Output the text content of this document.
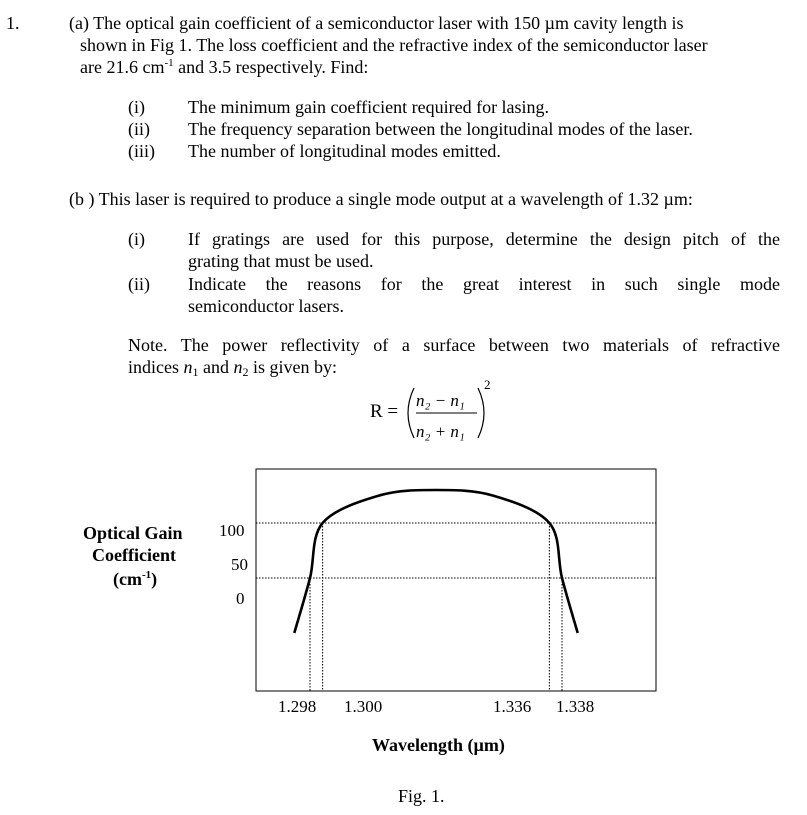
1.	(a) The optical gain coefficient of a semiconductor laser with 150 µm cavity length is
shown in Fig 1. The loss coefficient and the refractive index of the semiconductor laser
are 21.6 $cm^{-1}$ and 3.5 respectively. Find:
(i) The minimum gain coefficient required for lasing.
(ii) The frequency separation between the longitudinal modes of the laser.
(iii) The number of longitudinal modes emitted.
(b ) This laser is required to produce a single mode output at a wavelength of 1.32 µm:
(i) If gratings are used for this purpose, determine the design pitch of the
grating that must be used.
(ii) Indicate the reasons for the great interest in such single mode
semiconductor lasers.
Note. The power reflectivity of a surface between two materials of refractive
indices $n_1$ and $n_2$ is given by:
R =
n₂ − n₁
n₂ + n₁
2
Optical Gain
Coefficient
$(cm^{-1})$
100
50
0
1.298 1.300	1.336 1.338
Wavelength (µm)
Fig. 1.
